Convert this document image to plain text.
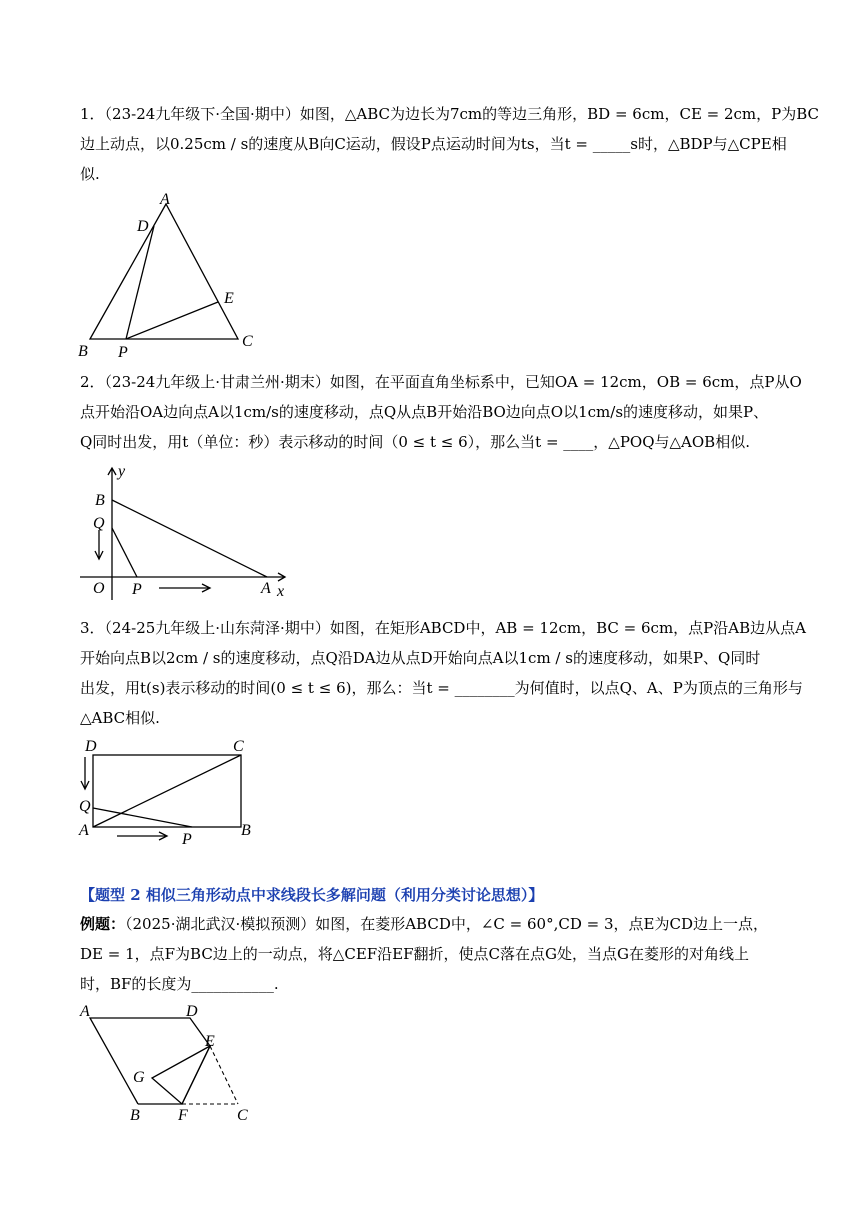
1．（23-24九年级下·全国·期中）如图，△ABC为边长为7cm的等边三角形，BD = 6cm，CE = 2cm，P为BC
边上动点，以0.25cm / s的速度从B向C运动，假设P点运动时间为ts，当t = _____s时，△BDP与△CPE相
似.
A
D
E
B P
C
2．（23-24九年级上·甘肃兰州·期末）如图，在平面直角坐标系中，已知OA = 12cm，OB = 6cm，点P从O
点开始沿OA边向点A以1cm/s的速度移动，点Q从点B开始沿BO边向点O以1cm/s的速度移动，如果P、
Q同时出发，用t（单位：秒）表示移动的时间（0 ≤ t ≤ 6），那么当t = ____，△POQ与△AOB相似.
y
B
Q
O P	A x
3．（24-25九年级上·山东菏泽·期中）如图，在矩形ABCD中，AB = 12cm，BC = 6cm，点P沿AB边从点A
开始向点B以2cm / s的速度移动，点Q沿DA边从点D开始向点A以1cm / s的速度移动，如果P、Q同时
出发，用t(s)表示移动的时间(0 ≤ t ≤ 6)，那么：当t = ________为何值时，以点Q、A、P为顶点的三角形与
△ABC相似.
D	C
Q
A	B
P
【题型 2 相似三角形动点中求线段长多解问题（利用分类讨论思想）】
例题：（2025·湖北武汉·模拟预测）如图，在菱形ABCD中，∠C = 60°,CD = 3，点E为CD边上一点，
DE = 1，点F为BC边上的一动点，将△CEF沿EF翻折，使点C落在点G处，当点G在菱形的对角线上
时，BF的长度为___________.
A	D
E
G
B F	C
